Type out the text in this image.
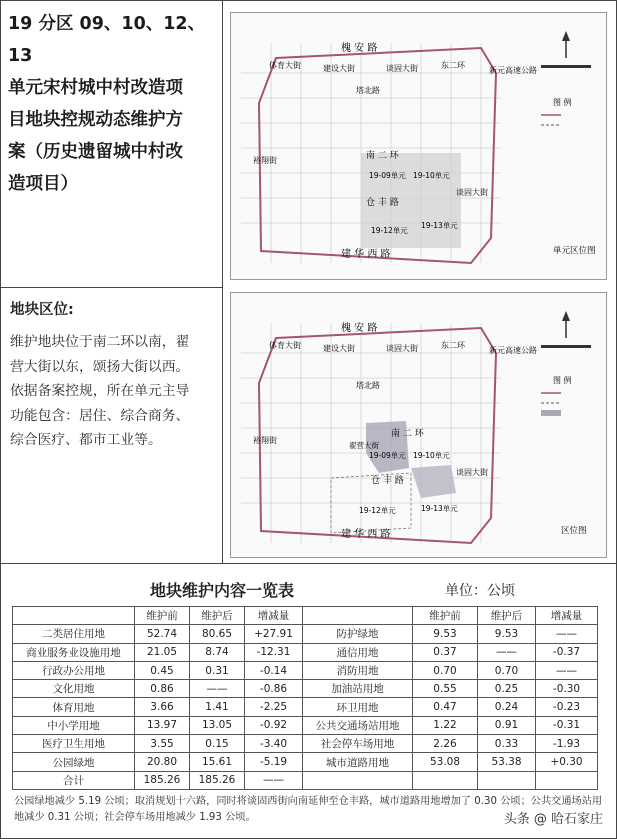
19 分区 09、10、12、13
单元宋村城中村改造项
目地块控规动态维护方
案（历史遗留城中村改
造项目）
地块区位:
维护地块位于南二环以南，翟
营大街以东，颂扬大街以西。
依据备案控规，所在单元主导
功能包含：居住、综合商务、
综合医疗、都市工业等。
槐 安 路
建 华 西 路
南 二 环
仓 丰 路
塔北路
东二环
体育大街
裕翔街
新元高速公路
建设大街	谈固大街
谈固大街
19-09单元 19-10单元
19-12单元
19-13单元
图 例
单元区位图
槐 安 路
建 华 西 路
南 二 环
仓 丰 路
塔北路
东二环
体育大街
裕翔街
新元高速公路
建设大街	谈固大街
谈固大街
翟营大街
19-09单元 19-10单元
19-12单元	19-13单元
图 例
区位图
地块维护内容一览表	单位：公顷
	维护前	维护后	增减量		维护前	维护后	增减量
二类居住用地	52.74	80.65	+27.91	防护绿地	9.53	9.53	——
商业服务业设施用地	21.05	8.74	-12.31	通信用地	0.37	——	-0.37
行政办公用地	0.45	0.31	-0.14	消防用地	0.70	0.70	——
文化用地	0.86	——	-0.86	加油站用地	0.55	0.25	-0.30
体育用地	3.66	1.41	-2.25	环卫用地	0.47	0.24	-0.23
中小学用地	13.97	13.05	-0.92	公共交通场站用地	1.22	0.91	-0.31
医疗卫生用地	3.55	0.15	-3.40	社会停车场用地	2.26	0.33	-1.93
公园绿地	20.80	15.61	-5.19	城市道路用地	53.08	53.38	+0.30
合计	185.26	185.26	——				
公园绿地减少 5.19 公顷；取消规划十六路，同时将谈固西街向南延伸至仓丰路，城市道路用地增加了 0.30 公顷；公共交通场站用地减少 0.31 公顷；社会停车场用地减少 1.93 公顷。	头条 @ 哈石家庄
